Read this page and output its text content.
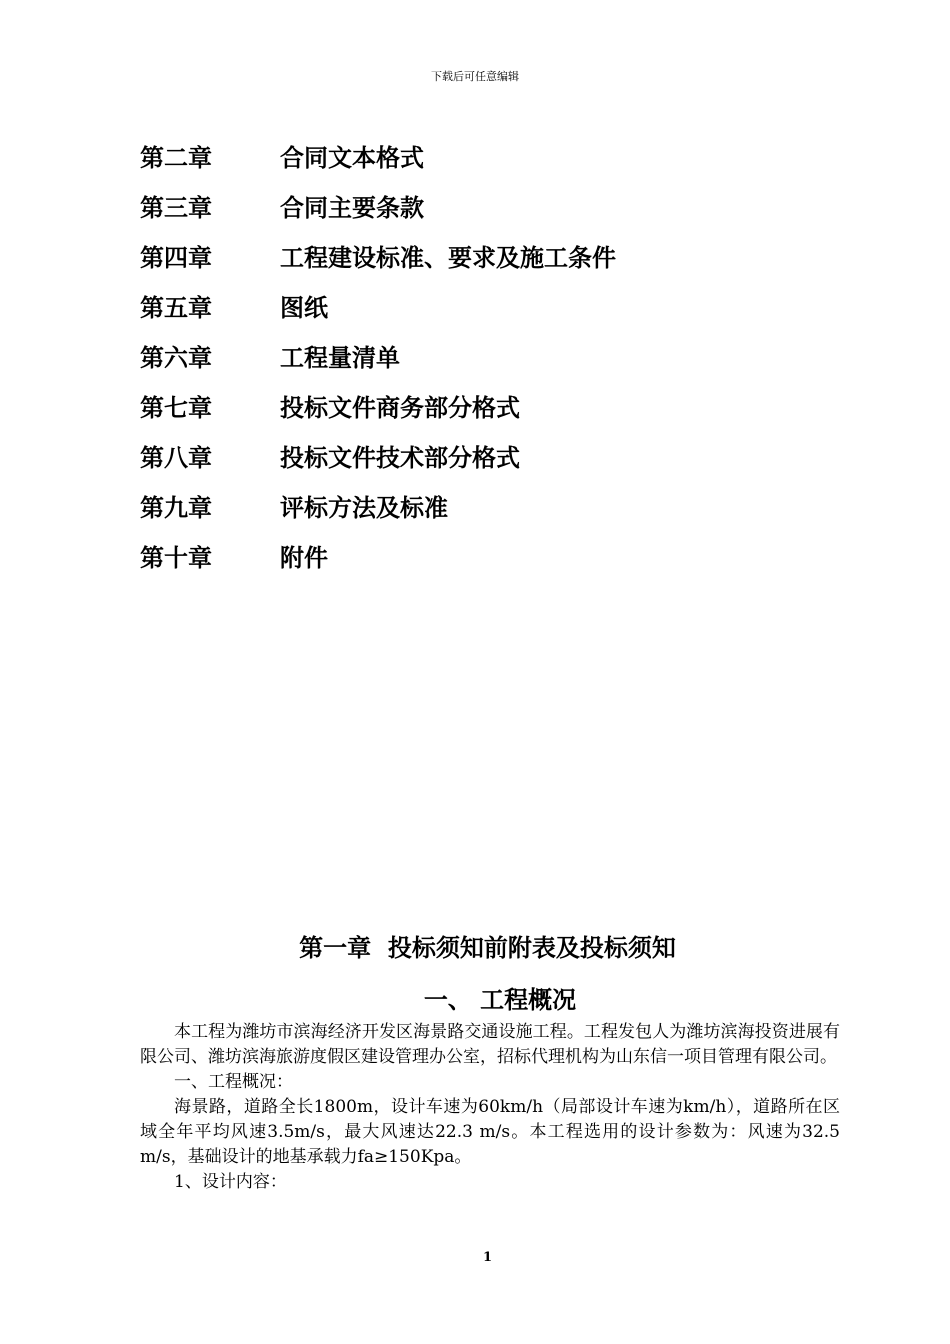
下载后可任意编辑
第二章	合同文本格式
第三章	合同主要条款
第四章	工程建设标准、要求及施工条件
第五章	图纸
第六章	工程量清单
第七章	投标文件商务部分格式
第八章	投标文件技术部分格式
第九章	评标方法及标准
第十章	附件
第一章  投标须知前附表及投标须知
一、 工程概况

本工程为潍坊市滨海经济开发区海景路交通设施工程。工程发包人为潍坊滨海投资进展有限公司、潍坊滨海旅游度假区建设管理办公室，招标代理机构为山东信一项目管理有限公司。

一、工程概况：

海景路，道路全长1800m，设计车速为60km/h（局部设计车速为km/h），道路所在区域全年平均风速3.5m/s，最大风速达22.3 m/s。本工程选用的设计参数为：风速为32.5 m/s，基础设计的地基承载力fa≥150Kpa。

1、设计内容：

1
